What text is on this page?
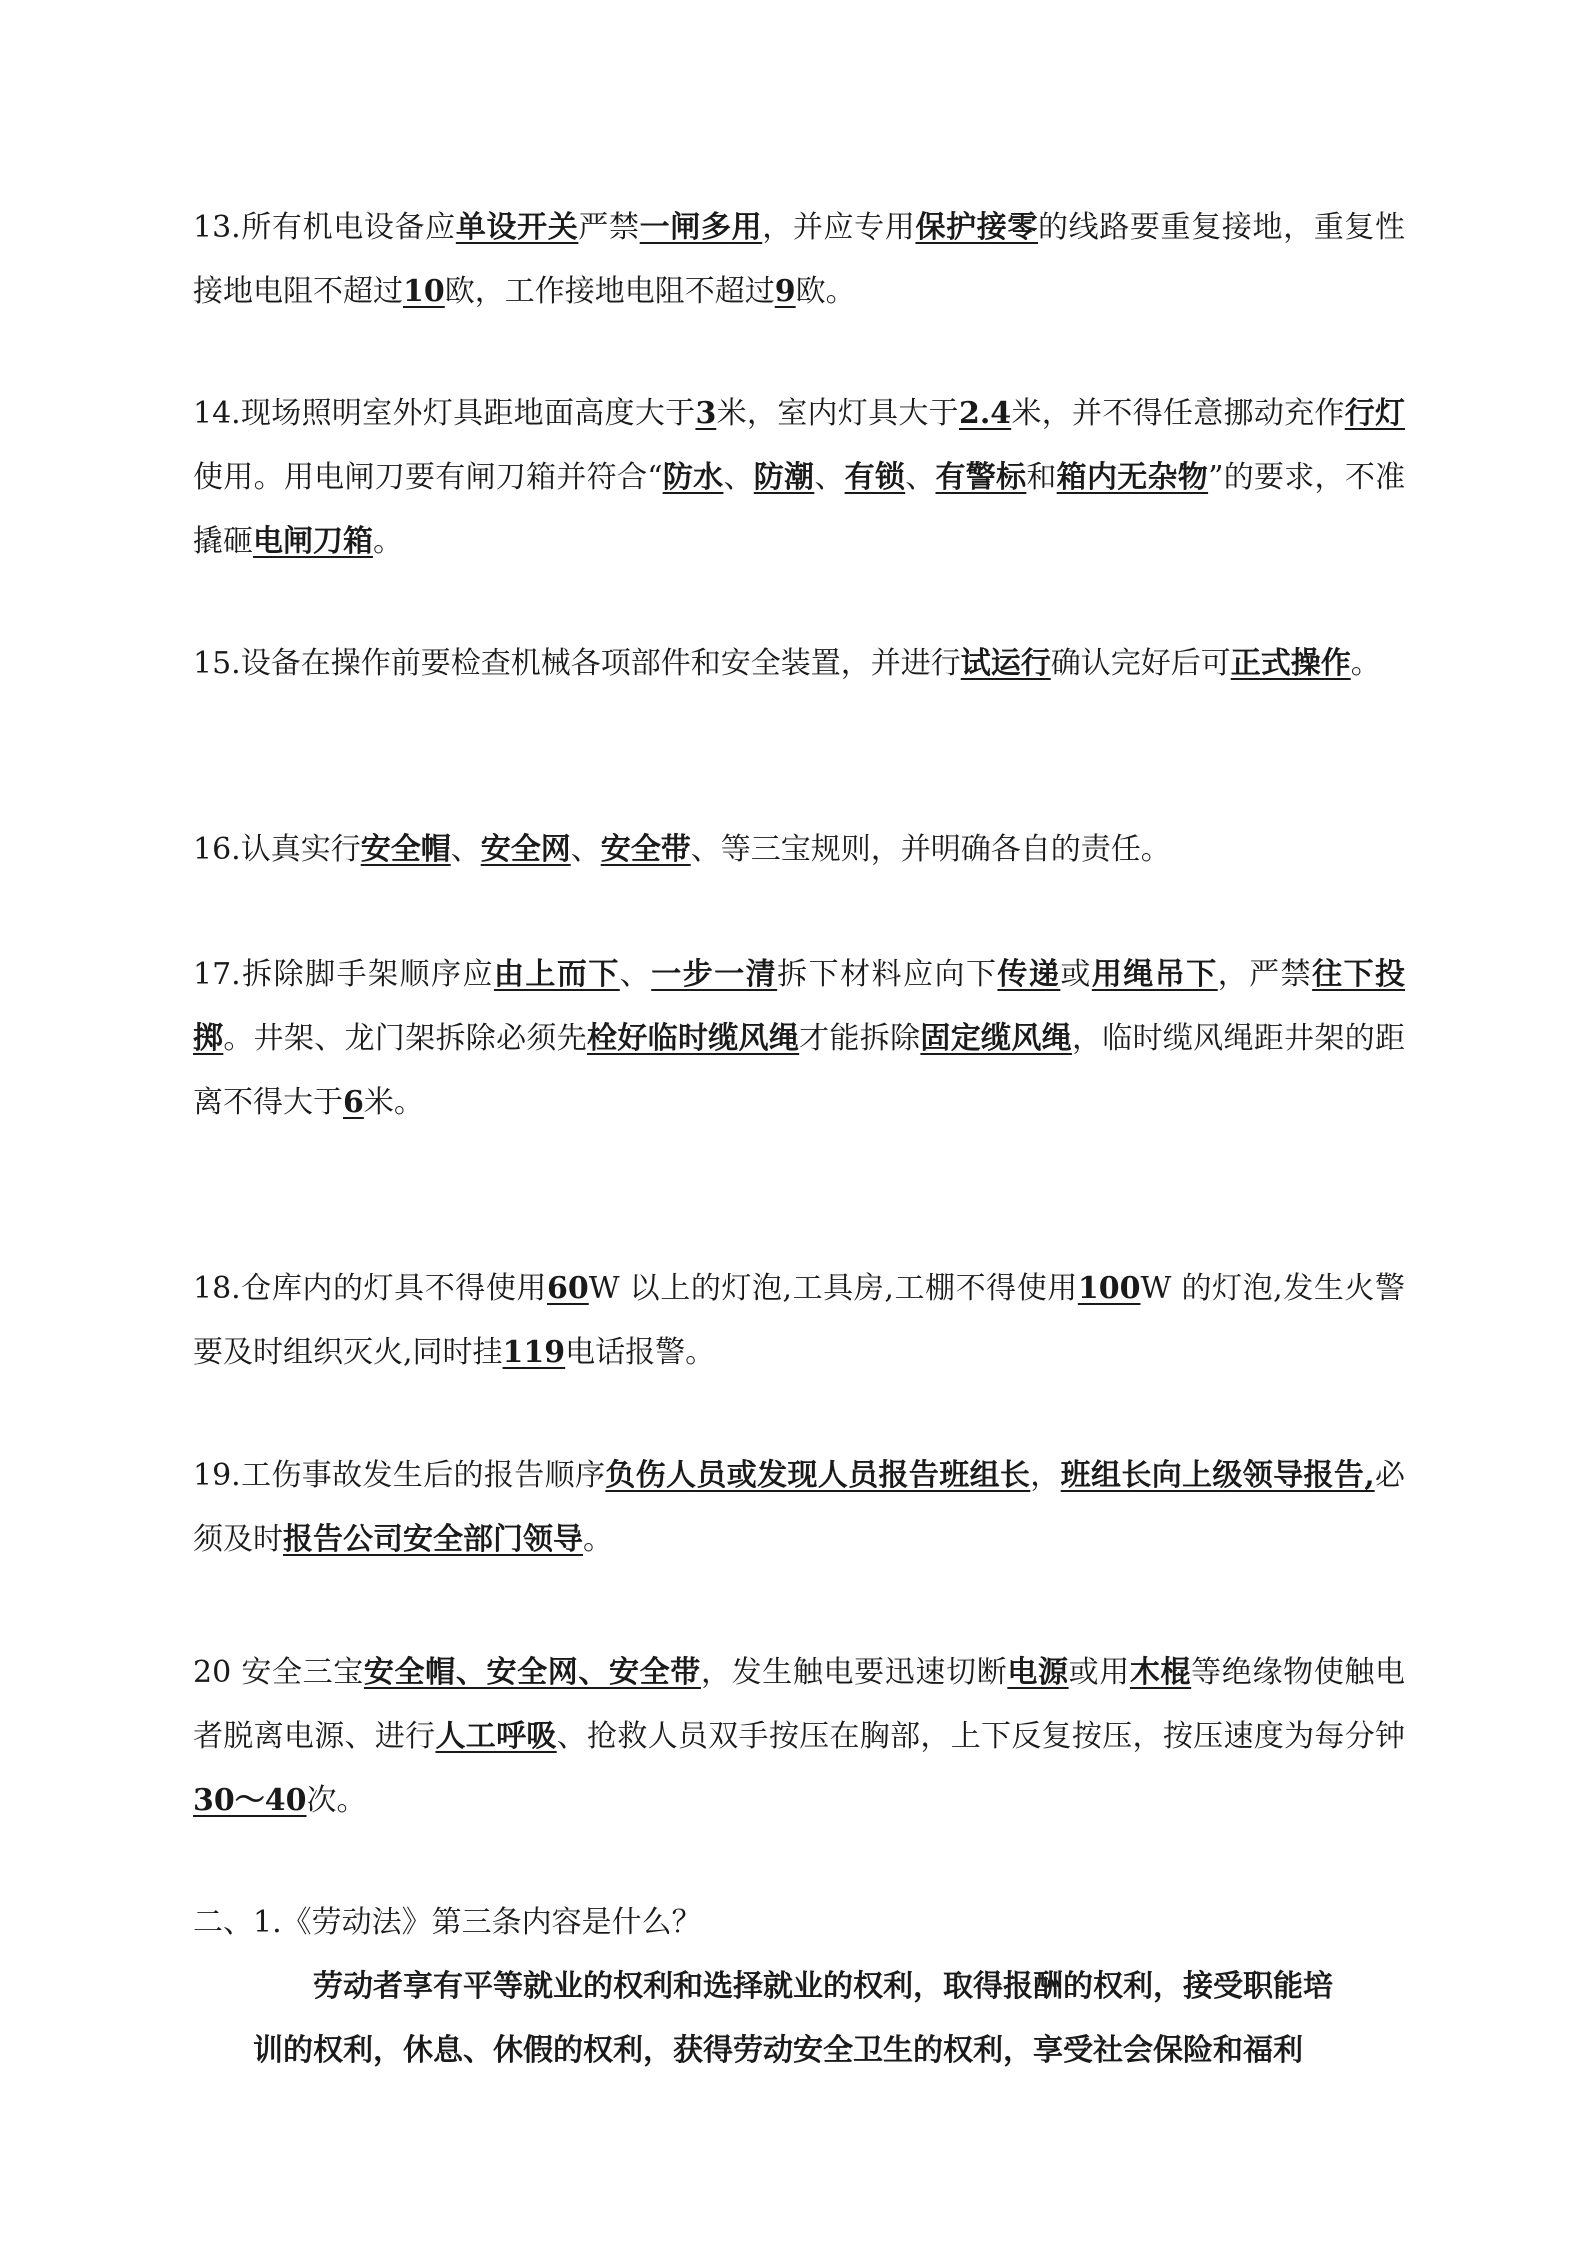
13.所有机电设备应单设开关严禁一闸多用，并应专用保护接零的线路要重复接地，重复性接地电阻不超过10欧，工作接地电阻不超过9欧。

14.现场照明室外灯具距地面高度大于3米，室内灯具大于2.4米，并不得任意挪动充作行灯使用。用电闸刀要有闸刀箱并符合“防水、防潮、有锁、有警标和箱内无杂物”的要求，不准撬砸电闸刀箱。

15.设备在操作前要检查机械各项部件和安全装置，并进行试运行确认完好后可正式操作。

16.认真实行安全帽、安全网、安全带、等三宝规则，并明确各自的责任。

17.拆除脚手架顺序应由上而下、一步一清拆下材料应向下传递或用绳吊下，严禁往下投掷。井架、龙门架拆除必须先栓好临时缆风绳才能拆除固定缆风绳，临时缆风绳距井架的距离不得大于6米。

18.仓库内的灯具不得使用60W 以上的灯泡,工具房,工棚不得使用100W 的灯泡,发生火警要及时组织灭火,同时挂119电话报警。

19.工伤事故发生后的报告顺序负伤人员或发现人员报告班组长，班组长向上级领导报告,必须及时报告公司安全部门领导。

20 安全三宝安全帽、安全网、安全带，发生触电要迅速切断电源或用木棍等绝缘物使触电者脱离电源、进行人工呼吸、抢救人员双手按压在胸部，上下反复按压，按压速度为每分钟30～40次。

二、1.《劳动法》第三条内容是什么？

劳动者享有平等就业的权利和选择就业的权利，取得报酬的权利，接受职能培
训的权利，休息、休假的权利，获得劳动安全卫生的权利，享受社会保险和福利
